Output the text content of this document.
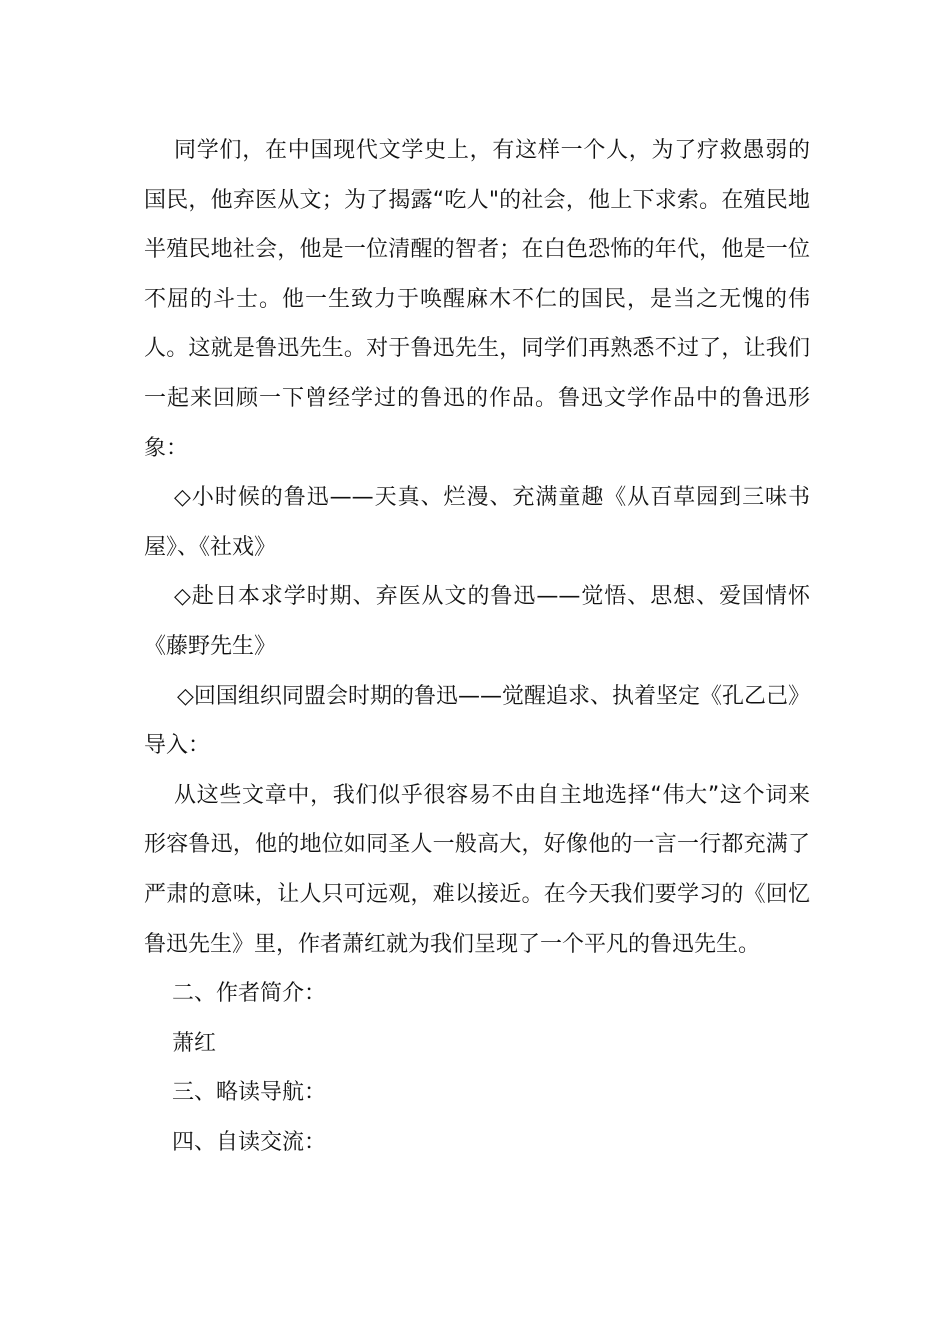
同学们，在中国现代文学史上，有这样一个人，为了疗救愚弱的国民，他弃医从文；为了揭露“吃人"的社会，他上下求索。在殖民地半殖民地社会，他是一位清醒的智者；在白色恐怖的年代，他是一位不屈的斗士。他一生致力于唤醒麻木不仁的国民，是当之无愧的伟人。这就是鲁迅先生。对于鲁迅先生，同学们再熟悉不过了，让我们一起来回顾一下曾经学过的鲁迅的作品。鲁迅文学作品中的鲁迅形象：

◇小时候的鲁迅——天真、烂漫、充满童趣《从百草园到三味书屋》、《社戏》

◇赴日本求学时期、弃医从文的鲁迅——觉悟、思想、爱国情怀《藤野先生》

◇回国组织同盟会时期的鲁迅——觉醒追求、执着坚定《孔乙己》导入：

从这些文章中，我们似乎很容易不由自主地选择“伟大”这个词来形容鲁迅，他的地位如同圣人一般高大，好像他的一言一行都充满了严肃的意味，让人只可远观，难以接近。在今天我们要学习的《回忆鲁迅先生》里，作者萧红就为我们呈现了一个平凡的鲁迅先生。

二、作者简介：

萧红

三、略读导航：

四、自读交流：
